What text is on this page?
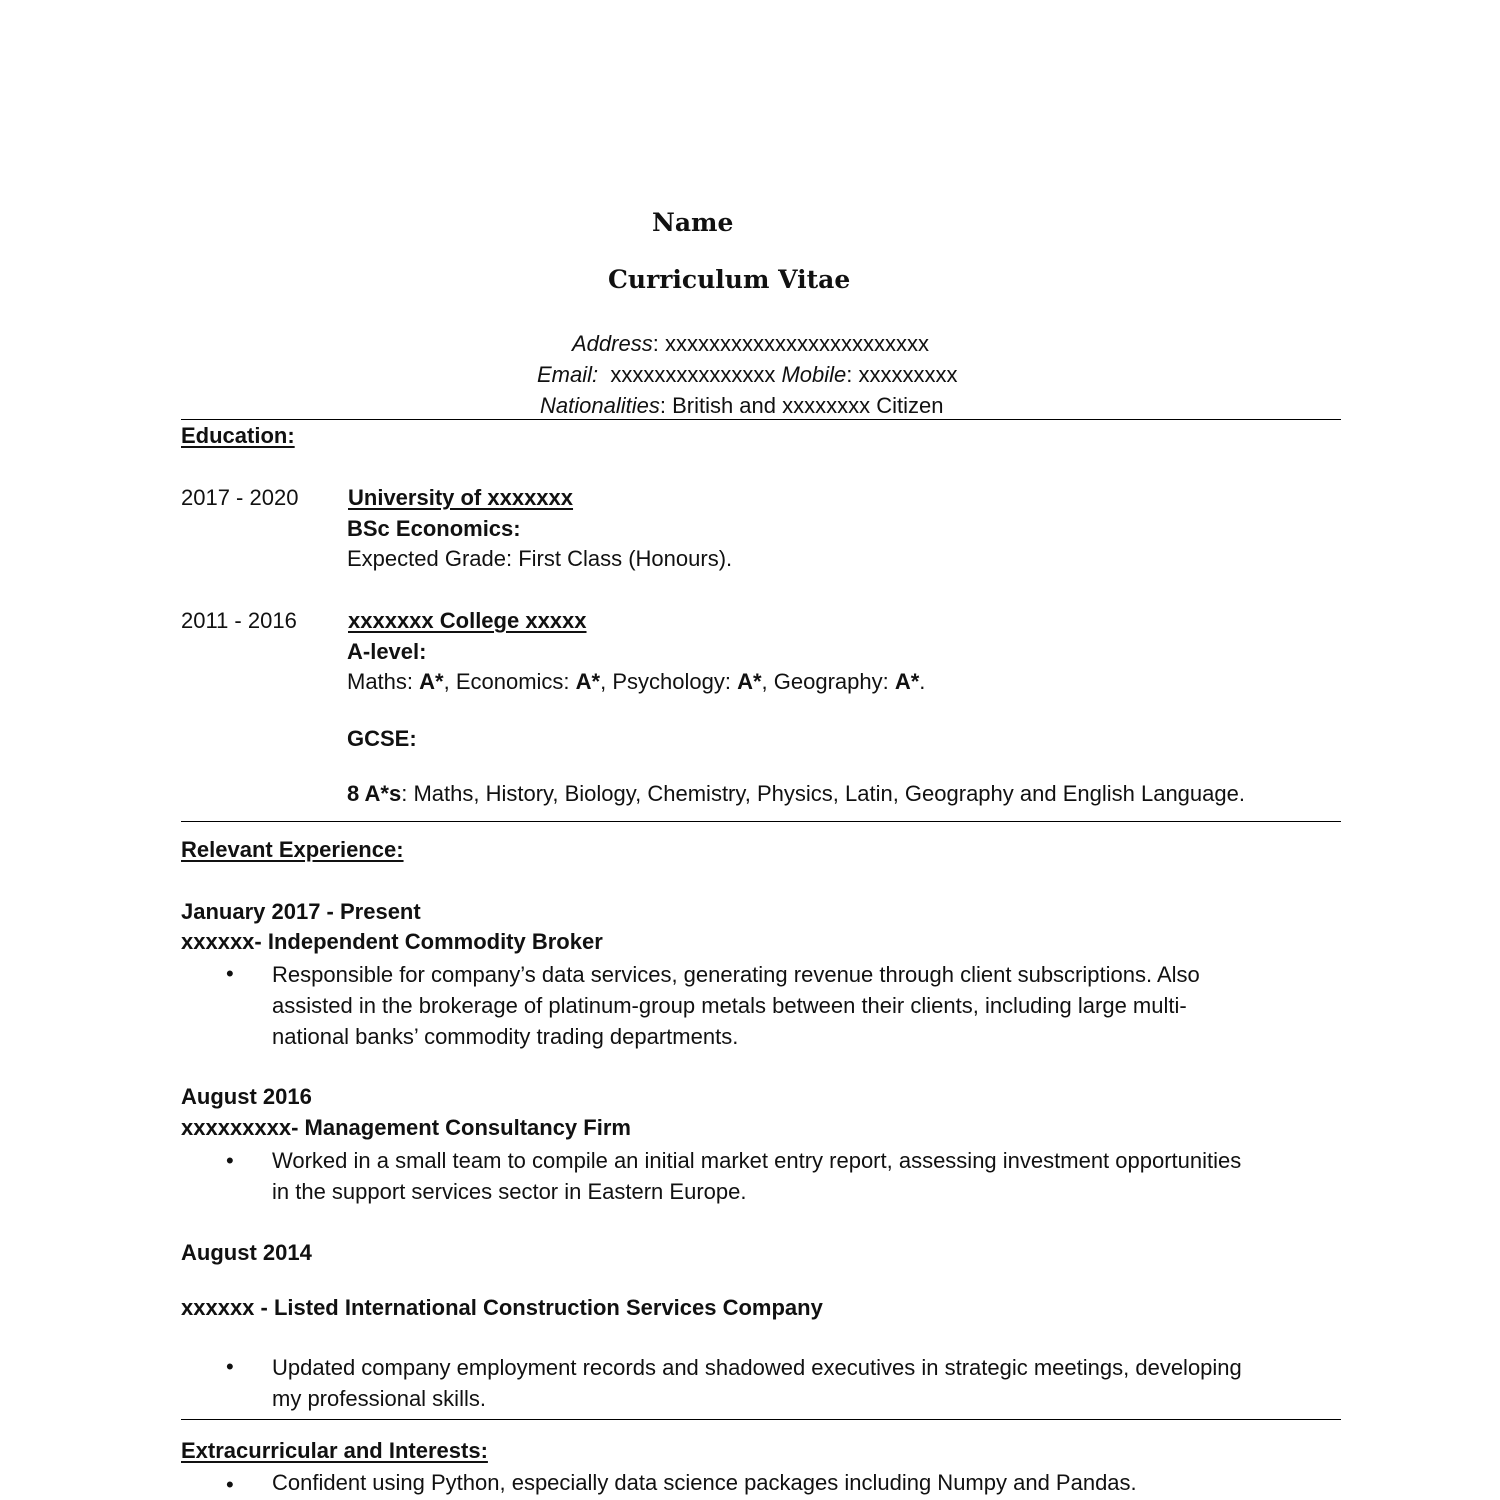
Name
Curriculum Vitae
Address: xxxxxxxxxxxxxxxxxxxxxxxx
Email:  xxxxxxxxxxxxxxx Mobile: xxxxxxxxx
Nationalities: British and xxxxxxxx Citizen
Education:
2017 - 2020 University of xxxxxxx
BSc Economics:
Expected Grade: First Class (Honours).
2011 - 2016 xxxxxxx College xxxxx
A-level:
Maths: A*, Economics: A*, Psychology: A*, Geography: A*.
GCSE:
8 A*s: Maths, History, Biology, Chemistry, Physics, Latin, Geography and English Language.
Relevant Experience:
January 2017 - Present
xxxxxx- Independent Commodity Broker
• Responsible for company’s data services, generating revenue through client subscriptions. Also
assisted in the brokerage of platinum-group metals between their clients, including large multi-
national banks’ commodity trading departments.
August 2016
xxxxxxxxx- Management Consultancy Firm
• Worked in a small team to compile an initial market entry report, assessing investment opportunities
in the support services sector in Eastern Europe.
August 2014
xxxxxx - Listed International Construction Services Company
• Updated company employment records and shadowed executives in strategic meetings, developing
my professional skills.
Extracurricular and Interests:
• Confident using Python, especially data science packages including Numpy and Pandas.
